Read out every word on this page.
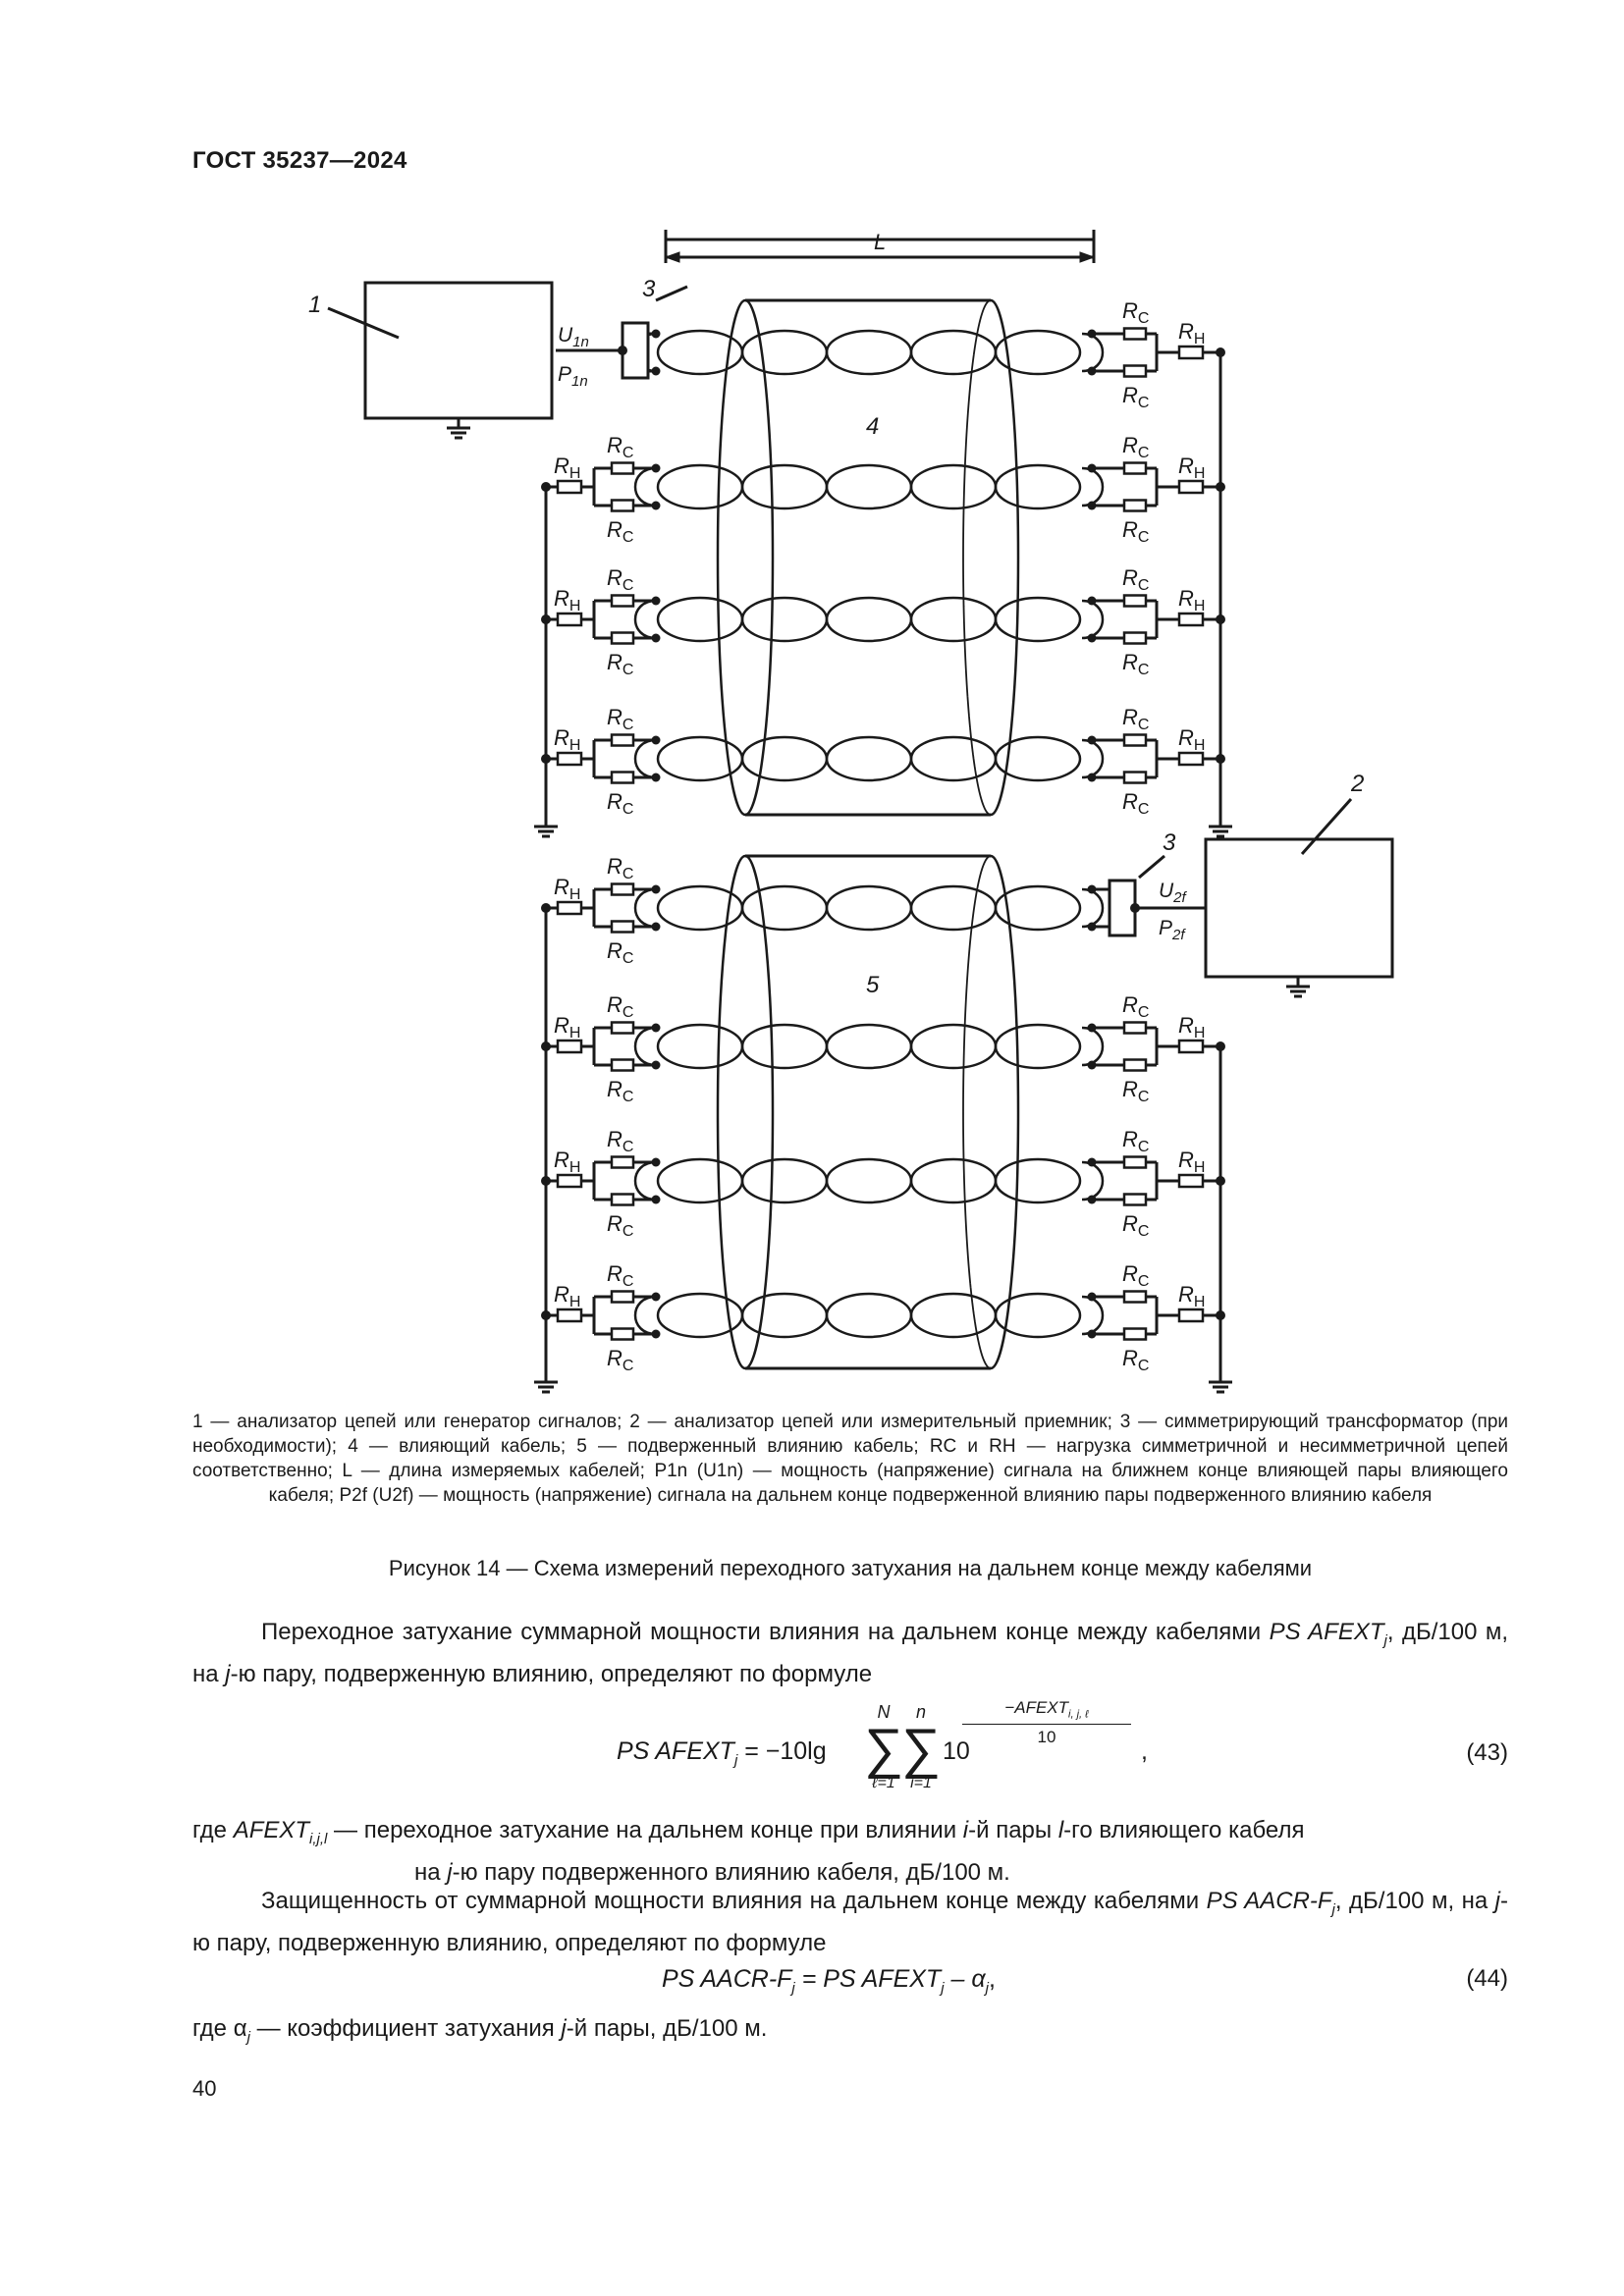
ГОСТ 35237—2024
L
4
3
1
$U_{1n}$
$P_{1n}$
$R_С$
$R_С$
$R_Н$
$R_С$
$R_С$
$R_Н$
$R_С$
$R_С$
$R_Н$
$R_С$
$R_С$
$R_Н$
$R_С$
$R_С$
$R_Н$
$R_С$
$R_С$
$R_Н$
$R_С$
$R_С$
$R_Н$
5
$R_С$
$R_С$
$R_Н$
$R_С$
$R_С$
$R_Н$
$R_С$
$R_С$
$R_Н$
$R_С$
$R_С$
$R_Н$
3
2
$U_{2f}$
$P_{2f}$
$R_С$
$R_С$
$R_Н$
$R_С$
$R_С$
$R_Н$
$R_С$
$R_С$
$R_Н$
1 — анализатор цепей или генератор сигналов; 2 — анализатор цепей или измерительный приемник; 3 — симметрирующий трансформатор (при необходимости); 4 — влияющий кабель; 5 — подверженный влиянию кабель; RС и RН — нагрузка симметричной и несимметричной цепей соответственно; L — длина измеряемых кабелей; P1n (U1n) — мощность (напряжение) сигнала на ближнем конце влияющей пары влияющего кабеля; P2f (U2f) — мощность (напряжение) сигнала на дальнем конце подверженной влиянию пары подверженного влиянию кабеля
Рисунок 14 — Схема измерений переходного затухания на дальнем конце между кабелями
Переходное затухание суммарной мощности влияния на дальнем конце между кабелями PS $AFEXT_j$, дБ/100 м, на j-ю пару, подверженную влиянию, определяют по формуле
PS $AFEXT_j = -10\lg$
N
∑
ℓ=1
n
∑
i=1
10
$-AFEXT_{i, j, \ell}$
10
,	(43)
где $AFEXT_{i,j,l}$ — переходное затухание на дальнем конце при влиянии i-й пары l-го влияющего кабеля
на j-ю пару подверженного влиянию кабеля, дБ/100 м.
Защищенность от суммарной мощности влияния на дальнем конце между кабелями PS AACR-$F_j$, дБ/100 м, на j-ю пару, подверженную влиянию, определяют по формуле
PS AACR-$F_j$ = PS $AFEXT_j - \alpha_j$,	(44)
где $\alpha_j$ — коэффициент затухания j-й пары, дБ/100 м.
40
